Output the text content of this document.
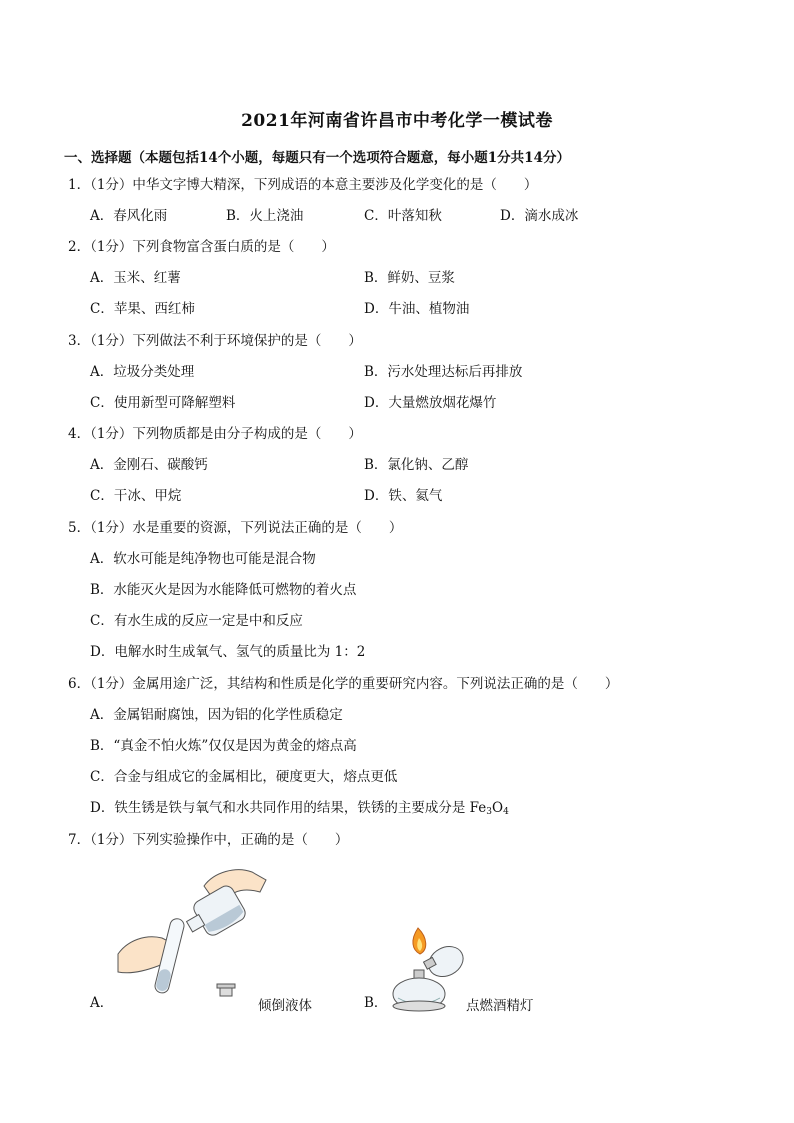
2021年河南省许昌市中考化学一模试卷
一、选择题（本题包括14个小题，每题只有一个选项符合题意，每小题1分共14分）
1．（1分）中华文字博大精深，下列成语的本意主要涉及化学变化的是（　　）
A．春风化雨	B．火上浇油	C．叶落知秋	D．滴水成冰
2．（1分）下列食物富含蛋白质的是（　　）
A．玉米、红薯	B．鲜奶、豆浆
C．苹果、西红柿	D．牛油、植物油
3．（1分）下列做法不利于环境保护的是（　　）
A．垃圾分类处理	B．污水处理达标后再排放
C．使用新型可降解塑料	D．大量燃放烟花爆竹
4．（1分）下列物质都是由分子构成的是（　　）
A．金刚石、碳酸钙	B．氯化钠、乙醇
C．干冰、甲烷	D．铁、氦气
5．（1分）水是重要的资源，下列说法正确的是（　　）
A．软水可能是纯净物也可能是混合物
B．水能灭火是因为水能降低可燃物的着火点
C．有水生成的反应一定是中和反应
D．电解水时生成氧气、氢气的质量比为 1：2
6．（1分）金属用途广泛，其结构和性质是化学的重要研究内容。下列说法正确的是（　　）
A．金属铝耐腐蚀，因为铝的化学性质稳定
B．“真金不怕火炼”仅仅是因为黄金的熔点高
C．合金与组成它的金属相比，硬度更大，熔点更低
D．铁生锈是铁与氧气和水共同作用的结果，铁锈的主要成分是 $Fe_3O_4$
7．（1分）下列实验操作中，正确的是（　　）
A．	倾倒液体	B．	点燃酒精灯
